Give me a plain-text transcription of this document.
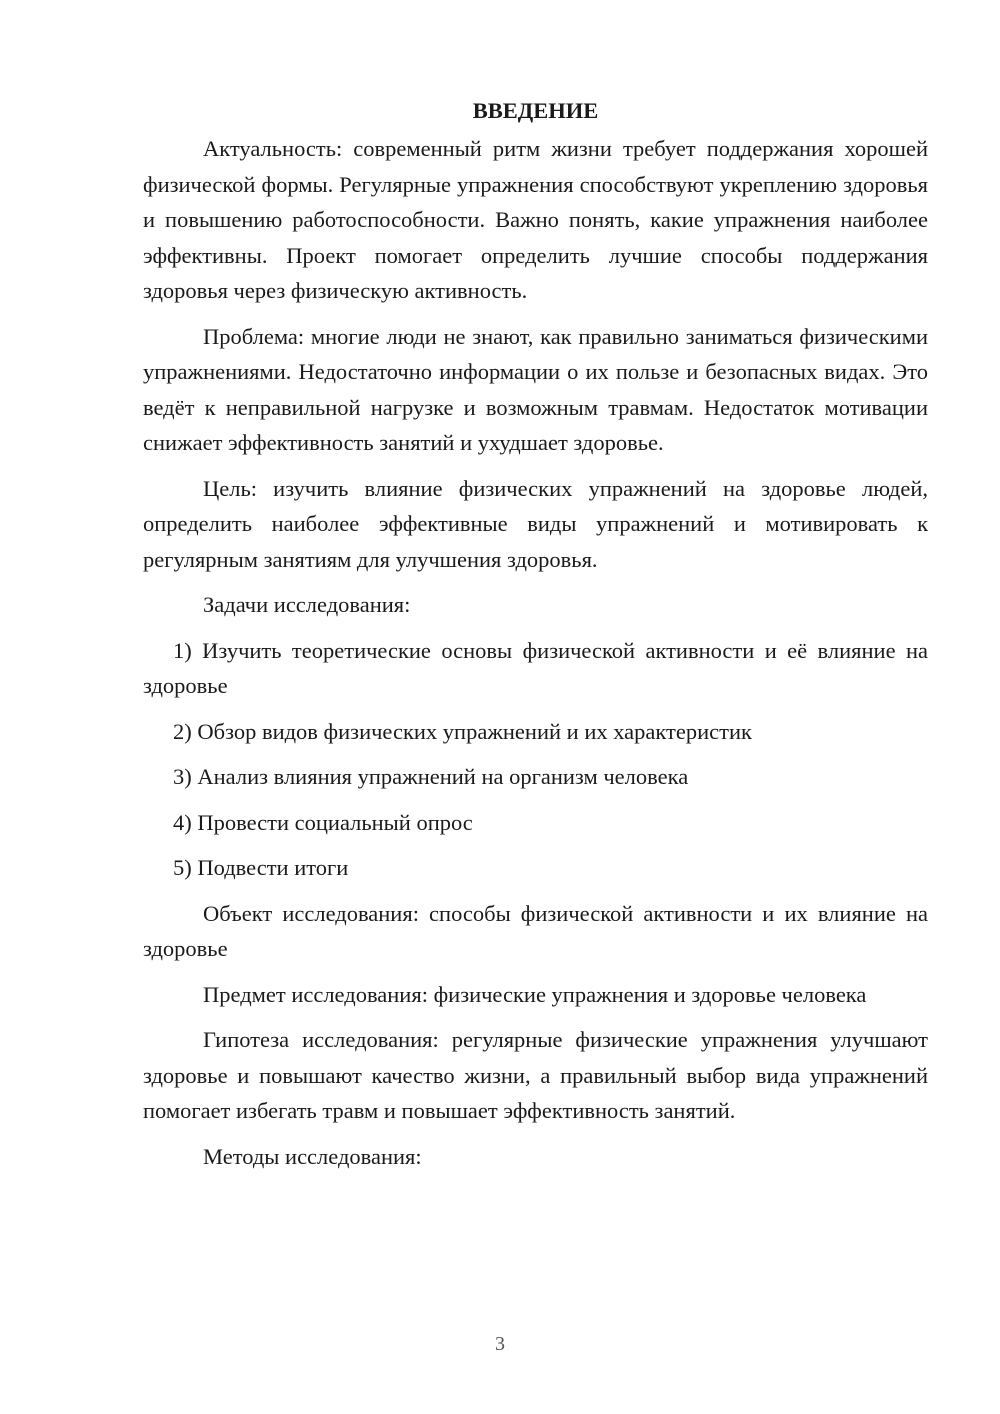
ВВЕДЕНИЕ

Актуальность: современный ритм жизни требует поддержания хорошей физической формы. Регулярные упражнения способствуют укреплению здоровья и повышению работоспособности. Важно понять, какие упражнения наиболее эффективны. Проект помогает определить лучшие способы поддержания здоровья через физическую активность.

Проблема: многие люди не знают, как правильно заниматься физическими упражнениями. Недостаточно информации о их пользе и безопасных видах. Это ведёт к неправильной нагрузке и возможным травмам. Недостаток мотивации снижает эффективность занятий и ухудшает здоровье.

Цель: изучить влияние физических упражнений на здоровье людей, определить наиболее эффективные виды упражнений и мотивировать к регулярным занятиям для улучшения здоровья.

Задачи исследования:

1) Изучить теоретические основы физической активности и её влияние на здоровье

2) Обзор видов физических упражнений и их характеристик

3) Анализ влияния упражнений на организм человека

4) Провести социальный опрос

5) Подвести итоги

Объект исследования: способы физической активности и их влияние на здоровье

Предмет исследования: физические упражнения и здоровье человека

Гипотеза исследования: регулярные физические упражнения улучшают здоровье и повышают качество жизни, а правильный выбор вида упражнений помогает избегать травм и повышает эффективность занятий.

Методы исследования:

3
